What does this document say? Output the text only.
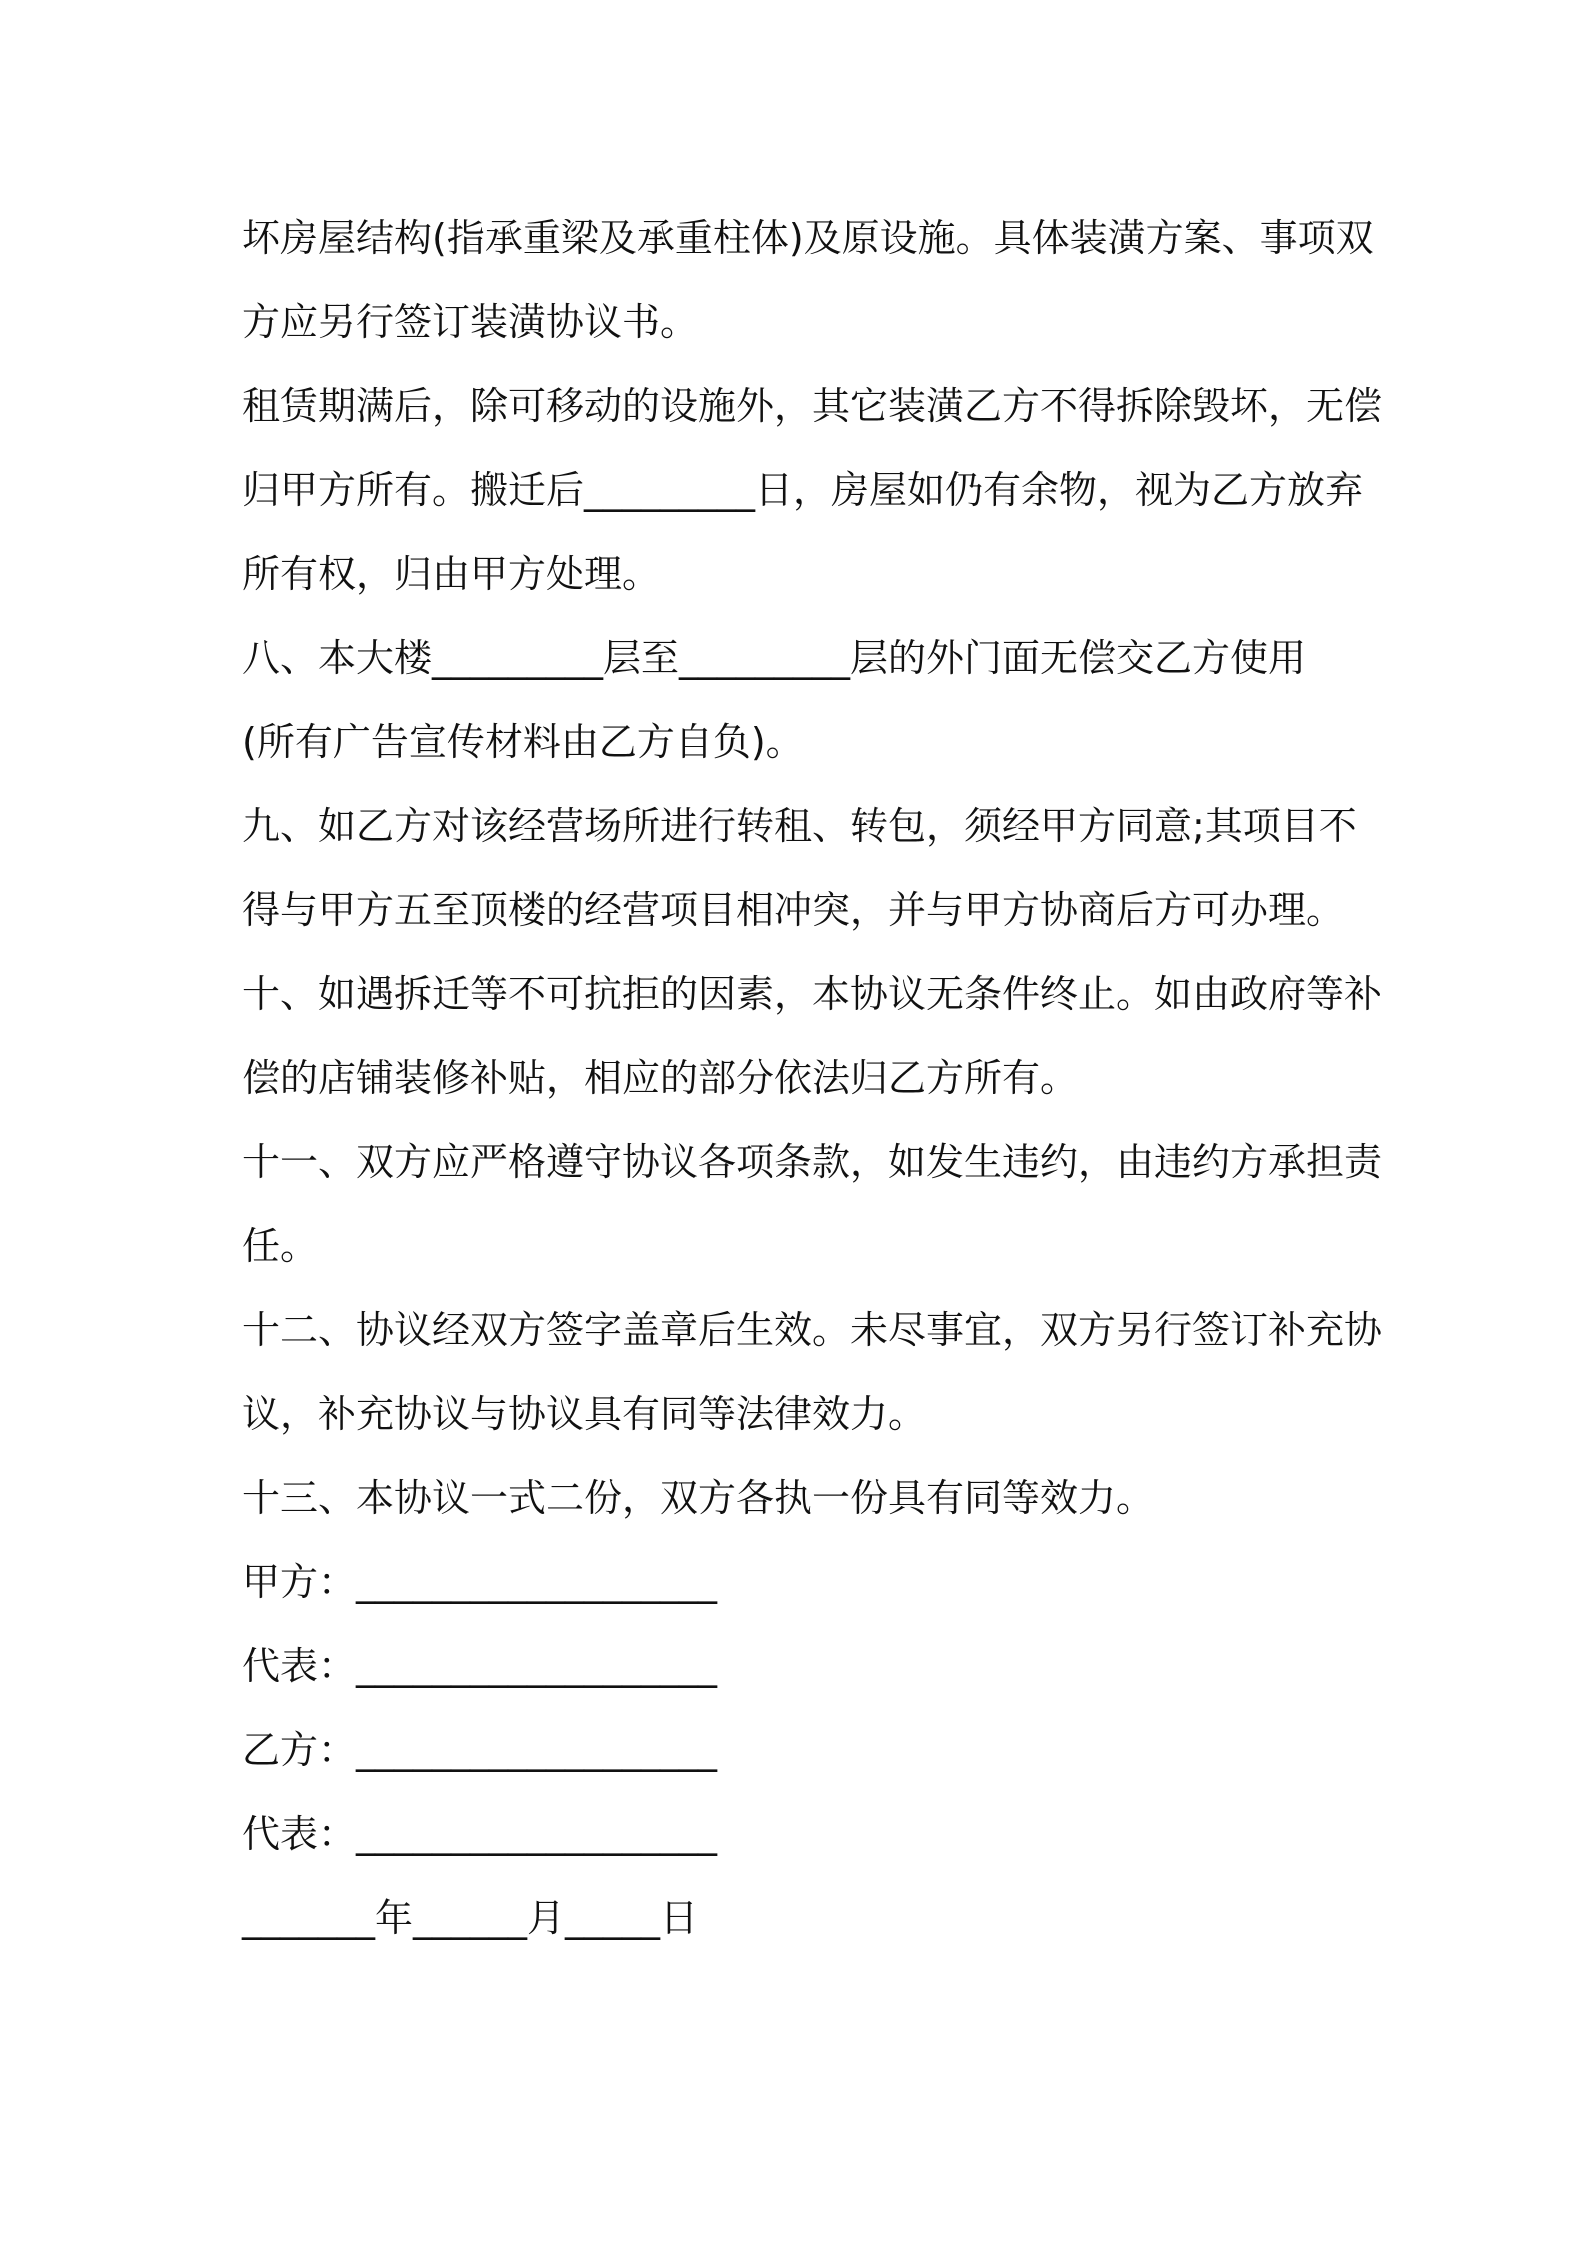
坏房屋结构(指承重梁及承重柱体)及原设施。具体装潢方案、事项双
方应另行签订装潢协议书。
租赁期满后，除可移动的设施外，其它装潢乙方不得拆除毁坏，无偿
归甲方所有。搬迁后_________日，房屋如仍有余物，视为乙方放弃
所有权，归由甲方处理。
八、本大楼_________层至_________层的外门面无偿交乙方使用
(所有广告宣传材料由乙方自负)。
九、如乙方对该经营场所进行转租、转包，须经甲方同意;其项目不
得与甲方五至顶楼的经营项目相冲突，并与甲方协商后方可办理。
十、如遇拆迁等不可抗拒的因素，本协议无条件终止。如由政府等补
偿的店铺装修补贴，相应的部分依法归乙方所有。
十一、双方应严格遵守协议各项条款，如发生违约，由违约方承担责
任。
十二、协议经双方签字盖章后生效。未尽事宜，双方另行签订补充协
议，补充协议与协议具有同等法律效力。
十三、本协议一式二份，双方各执一份具有同等效力。
甲方：___________________
代表：___________________
乙方：___________________
代表：___________________
_______年______月_____日
